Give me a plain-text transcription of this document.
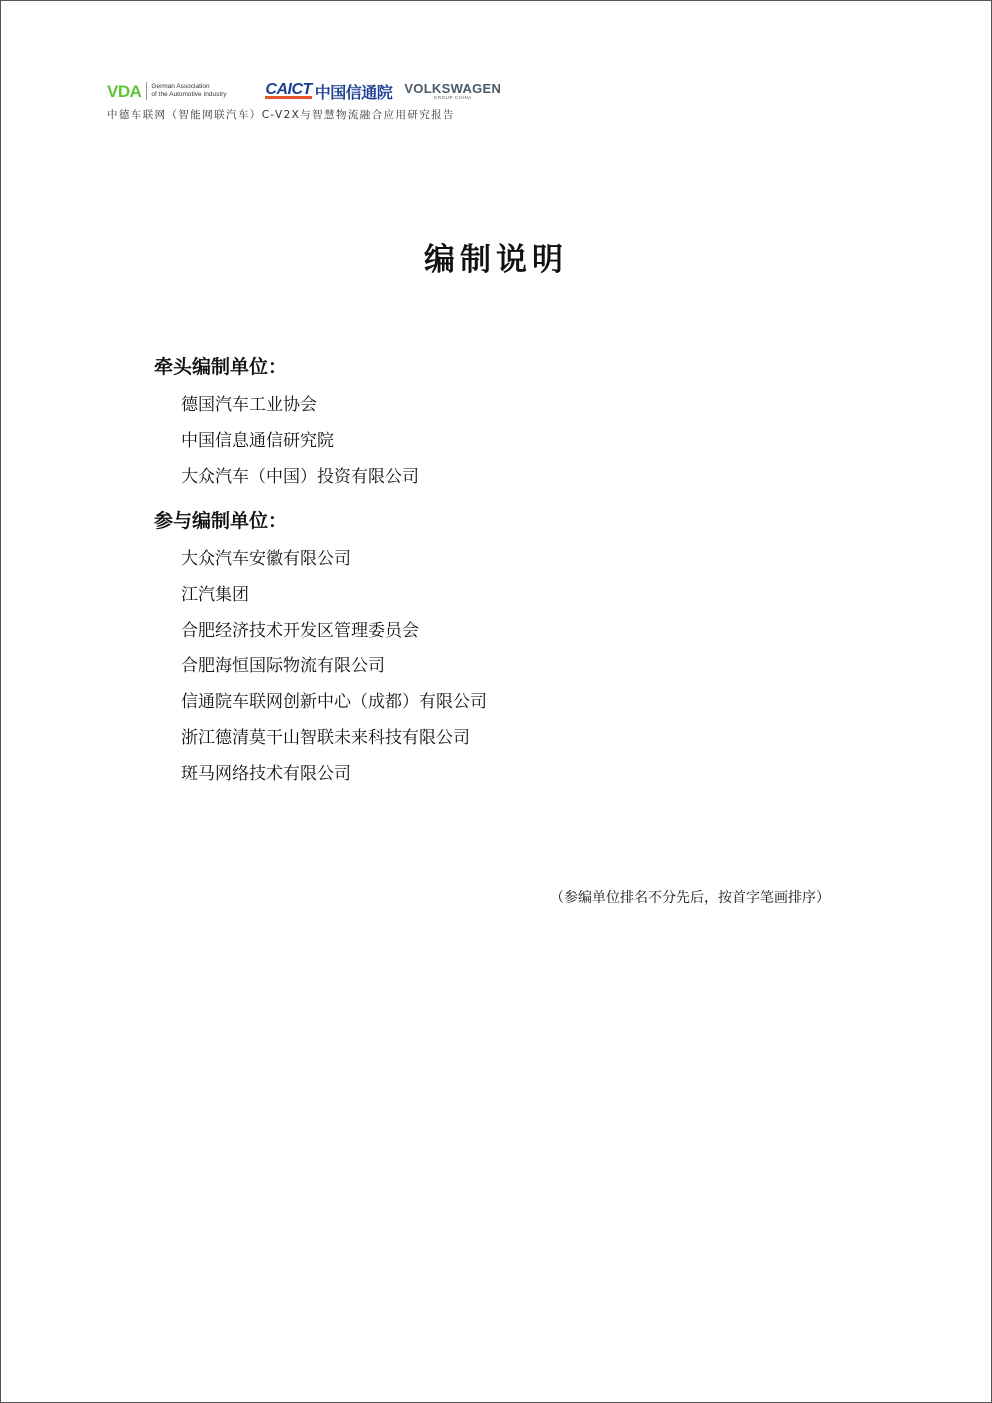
VDA German Association
of the Automotive Industry	CAICT 中国信通院 VOLKSWAGEN
GROUP CHINA
中德车联网（智能网联汽车）C-V2X与智慧物流融合应用研究报告
编制说明
牵头编制单位：
德国汽车工业协会
中国信息通信研究院
大众汽车（中国）投资有限公司
参与编制单位：
大众汽车安徽有限公司
江汽集团
合肥经济技术开发区管理委员会
合肥海恒国际物流有限公司
信通院车联网创新中心（成都）有限公司
浙江德清莫干山智联未来科技有限公司
斑马网络技术有限公司
（参编单位排名不分先后，按首字笔画排序）
